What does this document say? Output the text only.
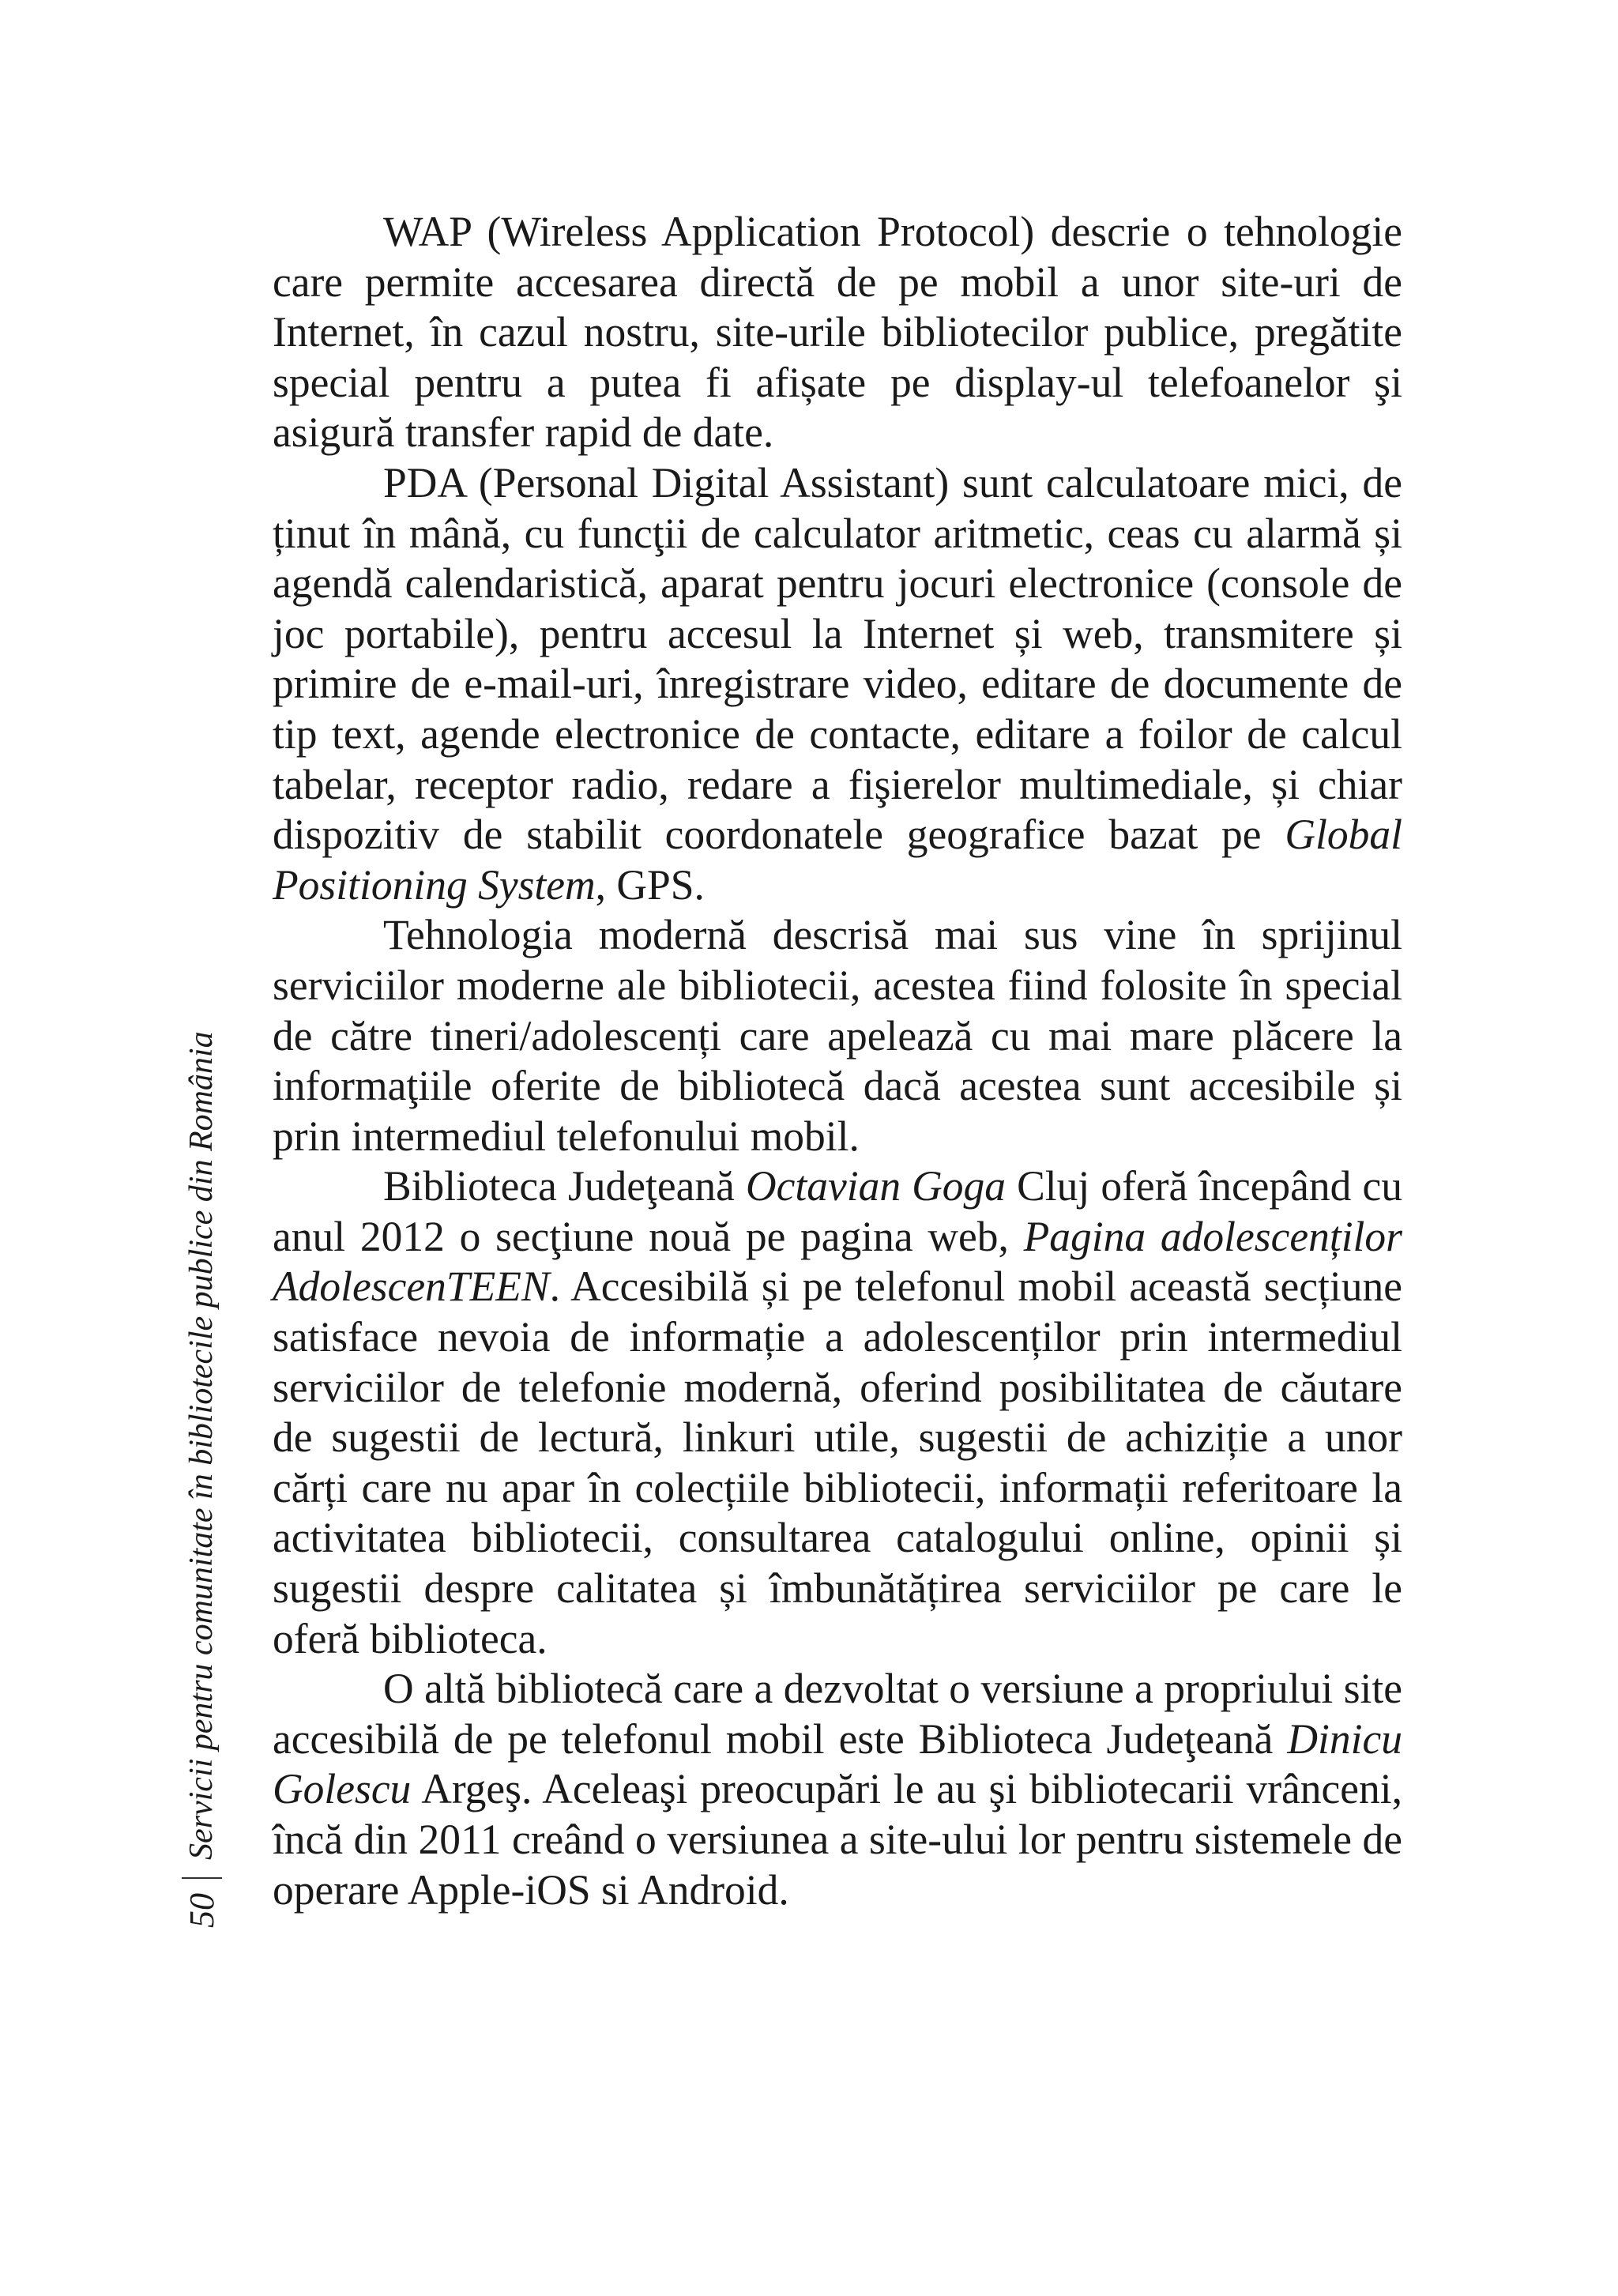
50
Servicii pentru comunitate în bibliotecile publice din România

WAP (Wireless Application Protocol) descrie o tehnologie care permite accesarea directă de pe mobil a unor site-uri de Internet, în cazul nostru, site-urile bibliotecilor publice, pregătite special pentru a putea fi afișate pe display-ul telefoanelor şi asigură transfer rapid de date.

PDA (Personal Digital Assistant) sunt calculatoare mici, de ținut în mână, cu funcţii de calculator aritmetic, ceas cu alarmă și agendă calendaristică, aparat pentru jocuri electronice (console de joc portabile), pentru accesul la Internet și web, transmitere și primire de e-mail-uri, înregistrare video, editare de documente de tip text, agende electronice de contacte, editare a foilor de calcul tabelar, receptor radio, redare a fişierelor multimediale, și chiar dispozitiv de stabilit coordonatele geografice bazat pe Global Positioning System, GPS.

Tehnologia modernă descrisă mai sus vine în sprijinul serviciilor moderne ale bibliotecii, acestea fiind folosite în special de către tineri/adolescenți care apelează cu mai mare plăcere la informaţiile oferite de bibliotecă dacă acestea sunt accesibile și prin intermediul telefonului mobil.

Biblioteca Judeţeană Octavian Goga Cluj oferă începând cu anul 2012 o secţiune nouă pe pagina web, Pagina adolescenților AdolescenTEEN. Accesibilă și pe telefonul mobil această secțiune satisface nevoia de informație a adolescenților prin intermediul serviciilor de telefonie modernă, oferind posibilitatea de căutare de sugestii de lectură, linkuri utile, sugestii de achiziție a unor cărți care nu apar în colecțiile bibliotecii, informații referitoare la activitatea bibliotecii, consultarea catalogului online, opinii și sugestii despre calitatea și îmbunătățirea serviciilor pe care le oferă biblioteca.

O altă bibliotecă care a dezvoltat o versiune a propriului site accesibilă de pe telefonul mobil este Biblioteca Judeţeană Dinicu Golescu Argeş. Aceleaşi preocupări le au şi bibliotecarii vrânceni, încă din 2011 creând o versiunea a site-ului lor pentru sistemele de operare Apple-iOS si Android.
